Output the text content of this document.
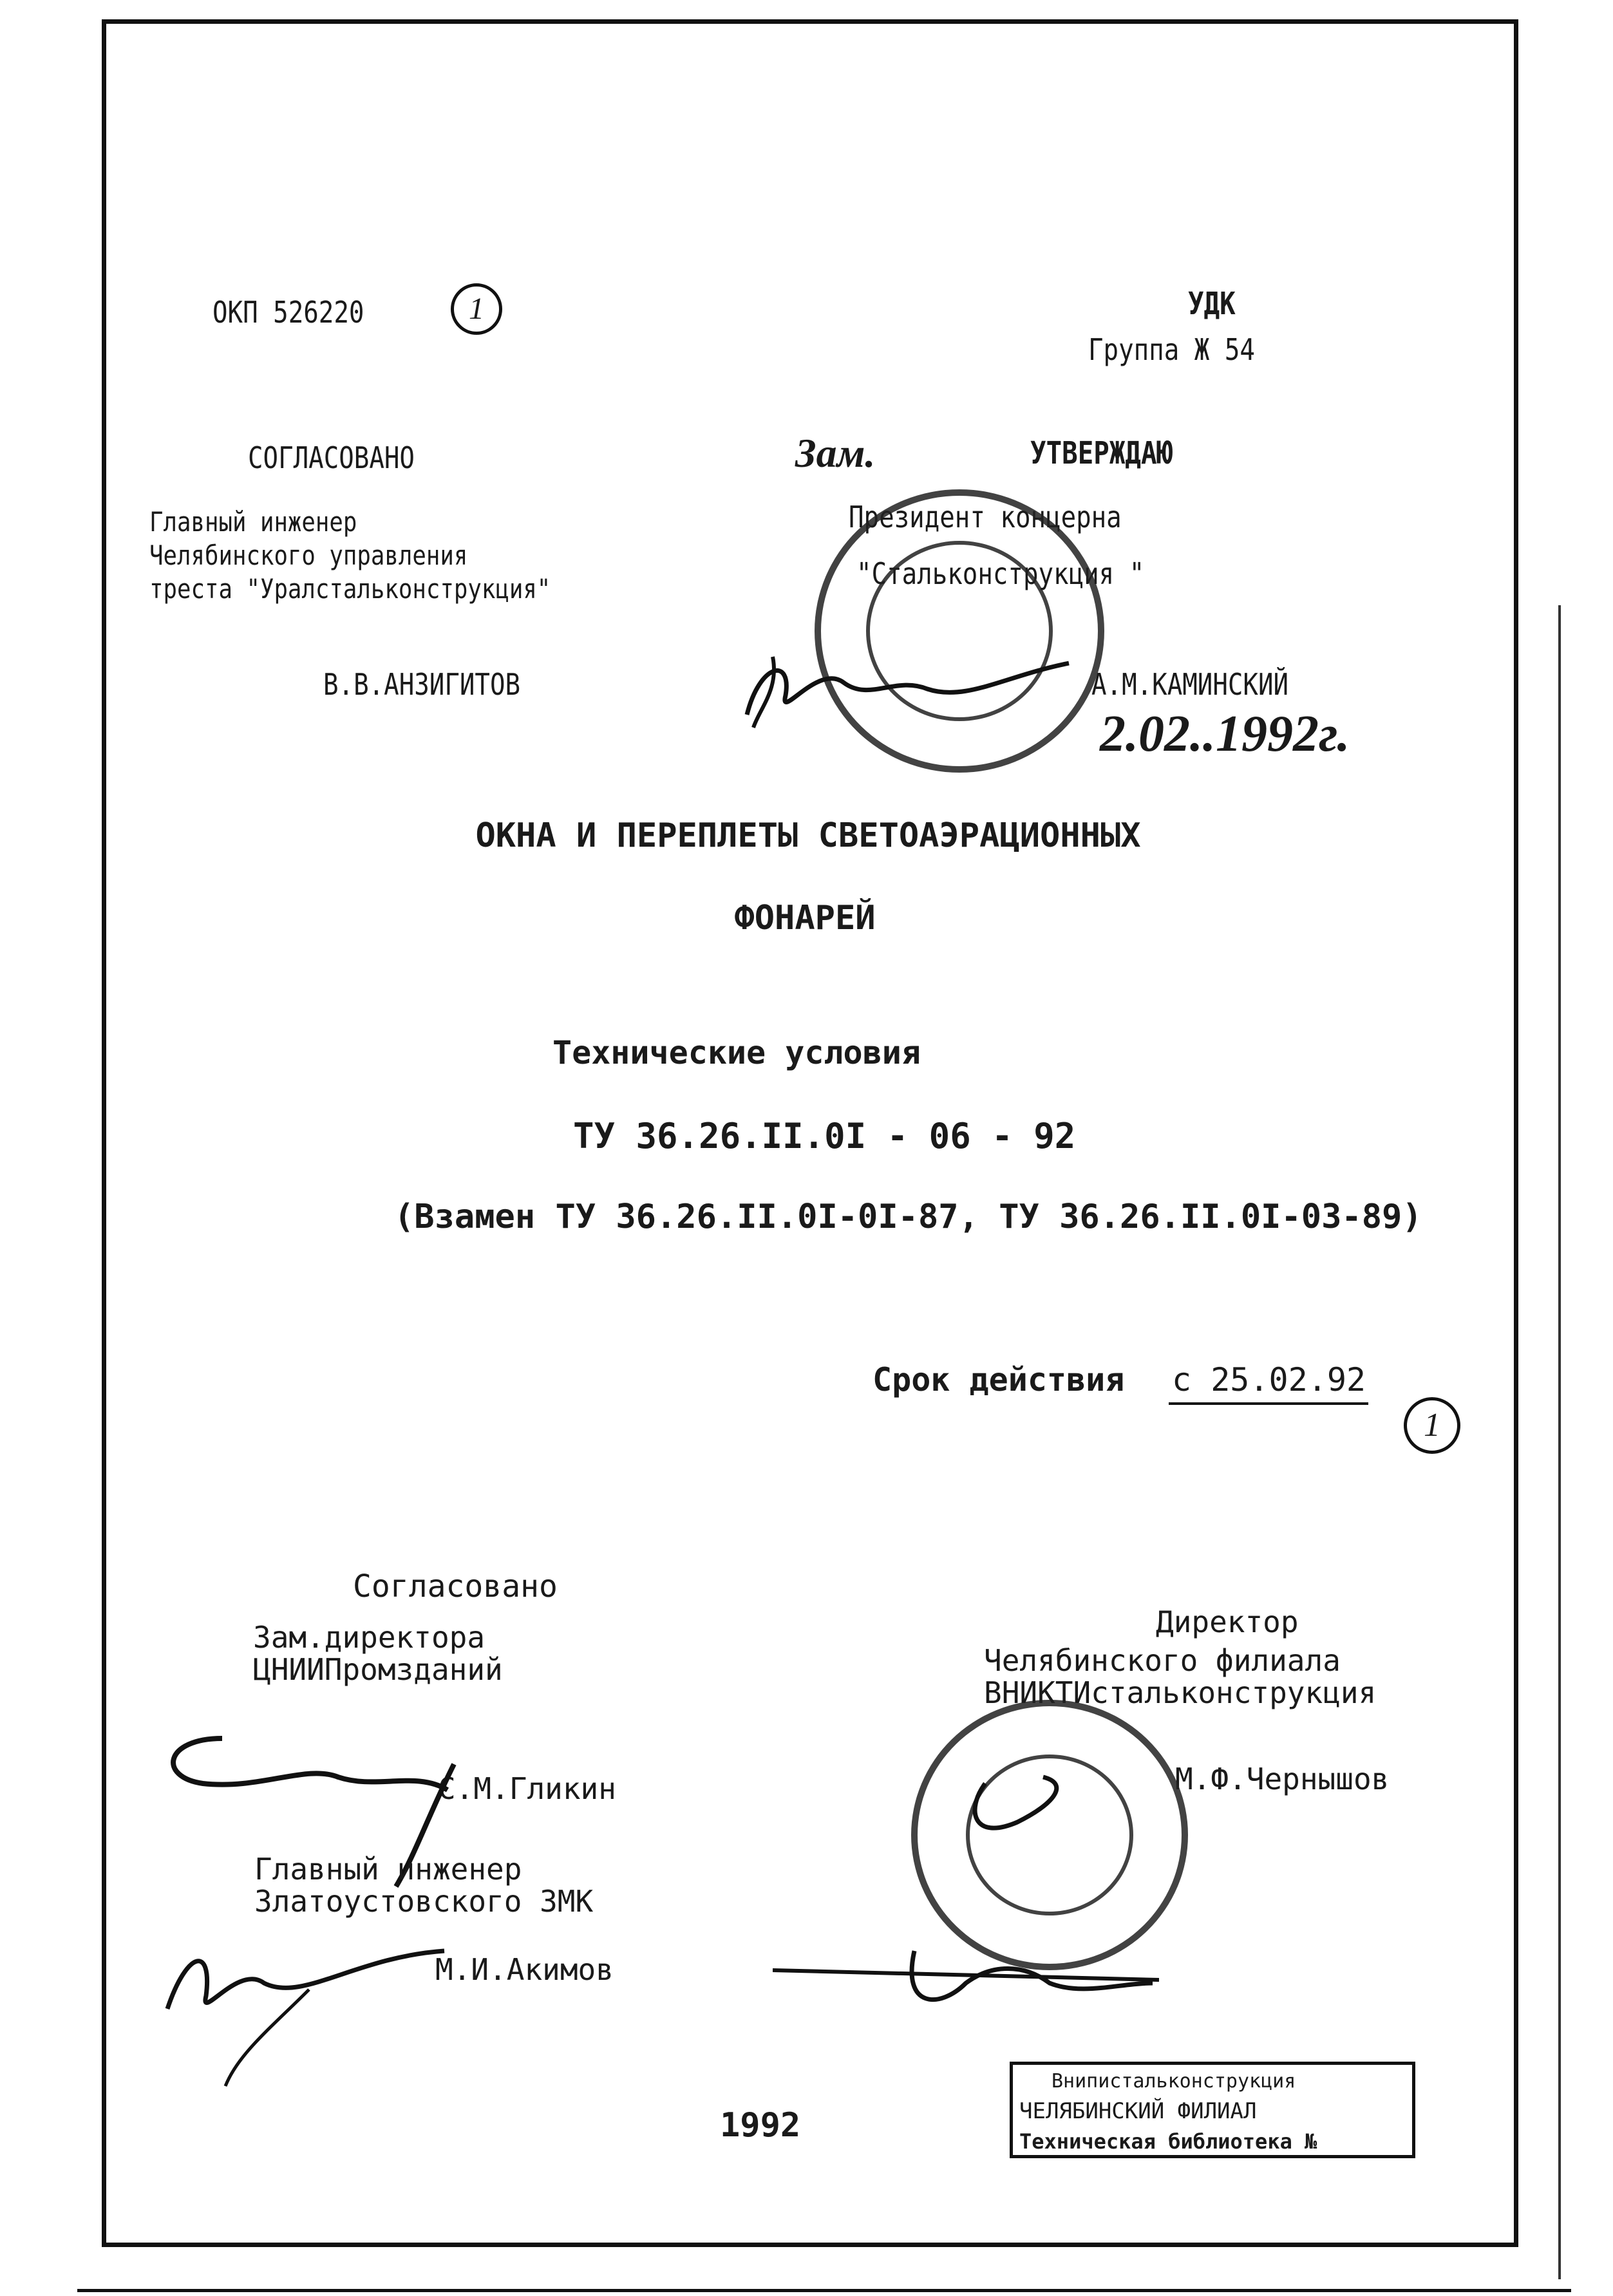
ОКП 526220	1	УДК
Группа Ж 54
СОГЛАСОВАНО
Главный инженер
Челябинского управления
треста "Уралстальконструкция"
В.В.АНЗИГИТОВ
Зам.	УТВЕРЖДАЮ
Президент концерна
"Стальконструкция "
А.М.КАМИНСКИЙ
2.02..1992г.
ОКНА И ПЕРЕПЛЕТЫ СВЕТОАЭРАЦИОННЫХ
ФОНАРЕЙ
Технические условия
ТУ 36.26.II.0I - 06 - 92
(Взамен ТУ 36.26.II.0I-0I-87, ТУ 36.26.II.0I-03-89)
Срок действия с 25.02.92
1
Согласовано
Зам.директора
ЦНИИПромзданий
С.М.Гликин
Главный инженер
Златоустовского ЗМК
М.И.Акимов
Директор
Челябинского филиала
ВНИКТИстальконструкция
М.Ф.Чернышов
1992
Внипистальконструкция
ЧЕЛЯБИНСКИЙ ФИЛИАЛ
Техническая библиотека №
